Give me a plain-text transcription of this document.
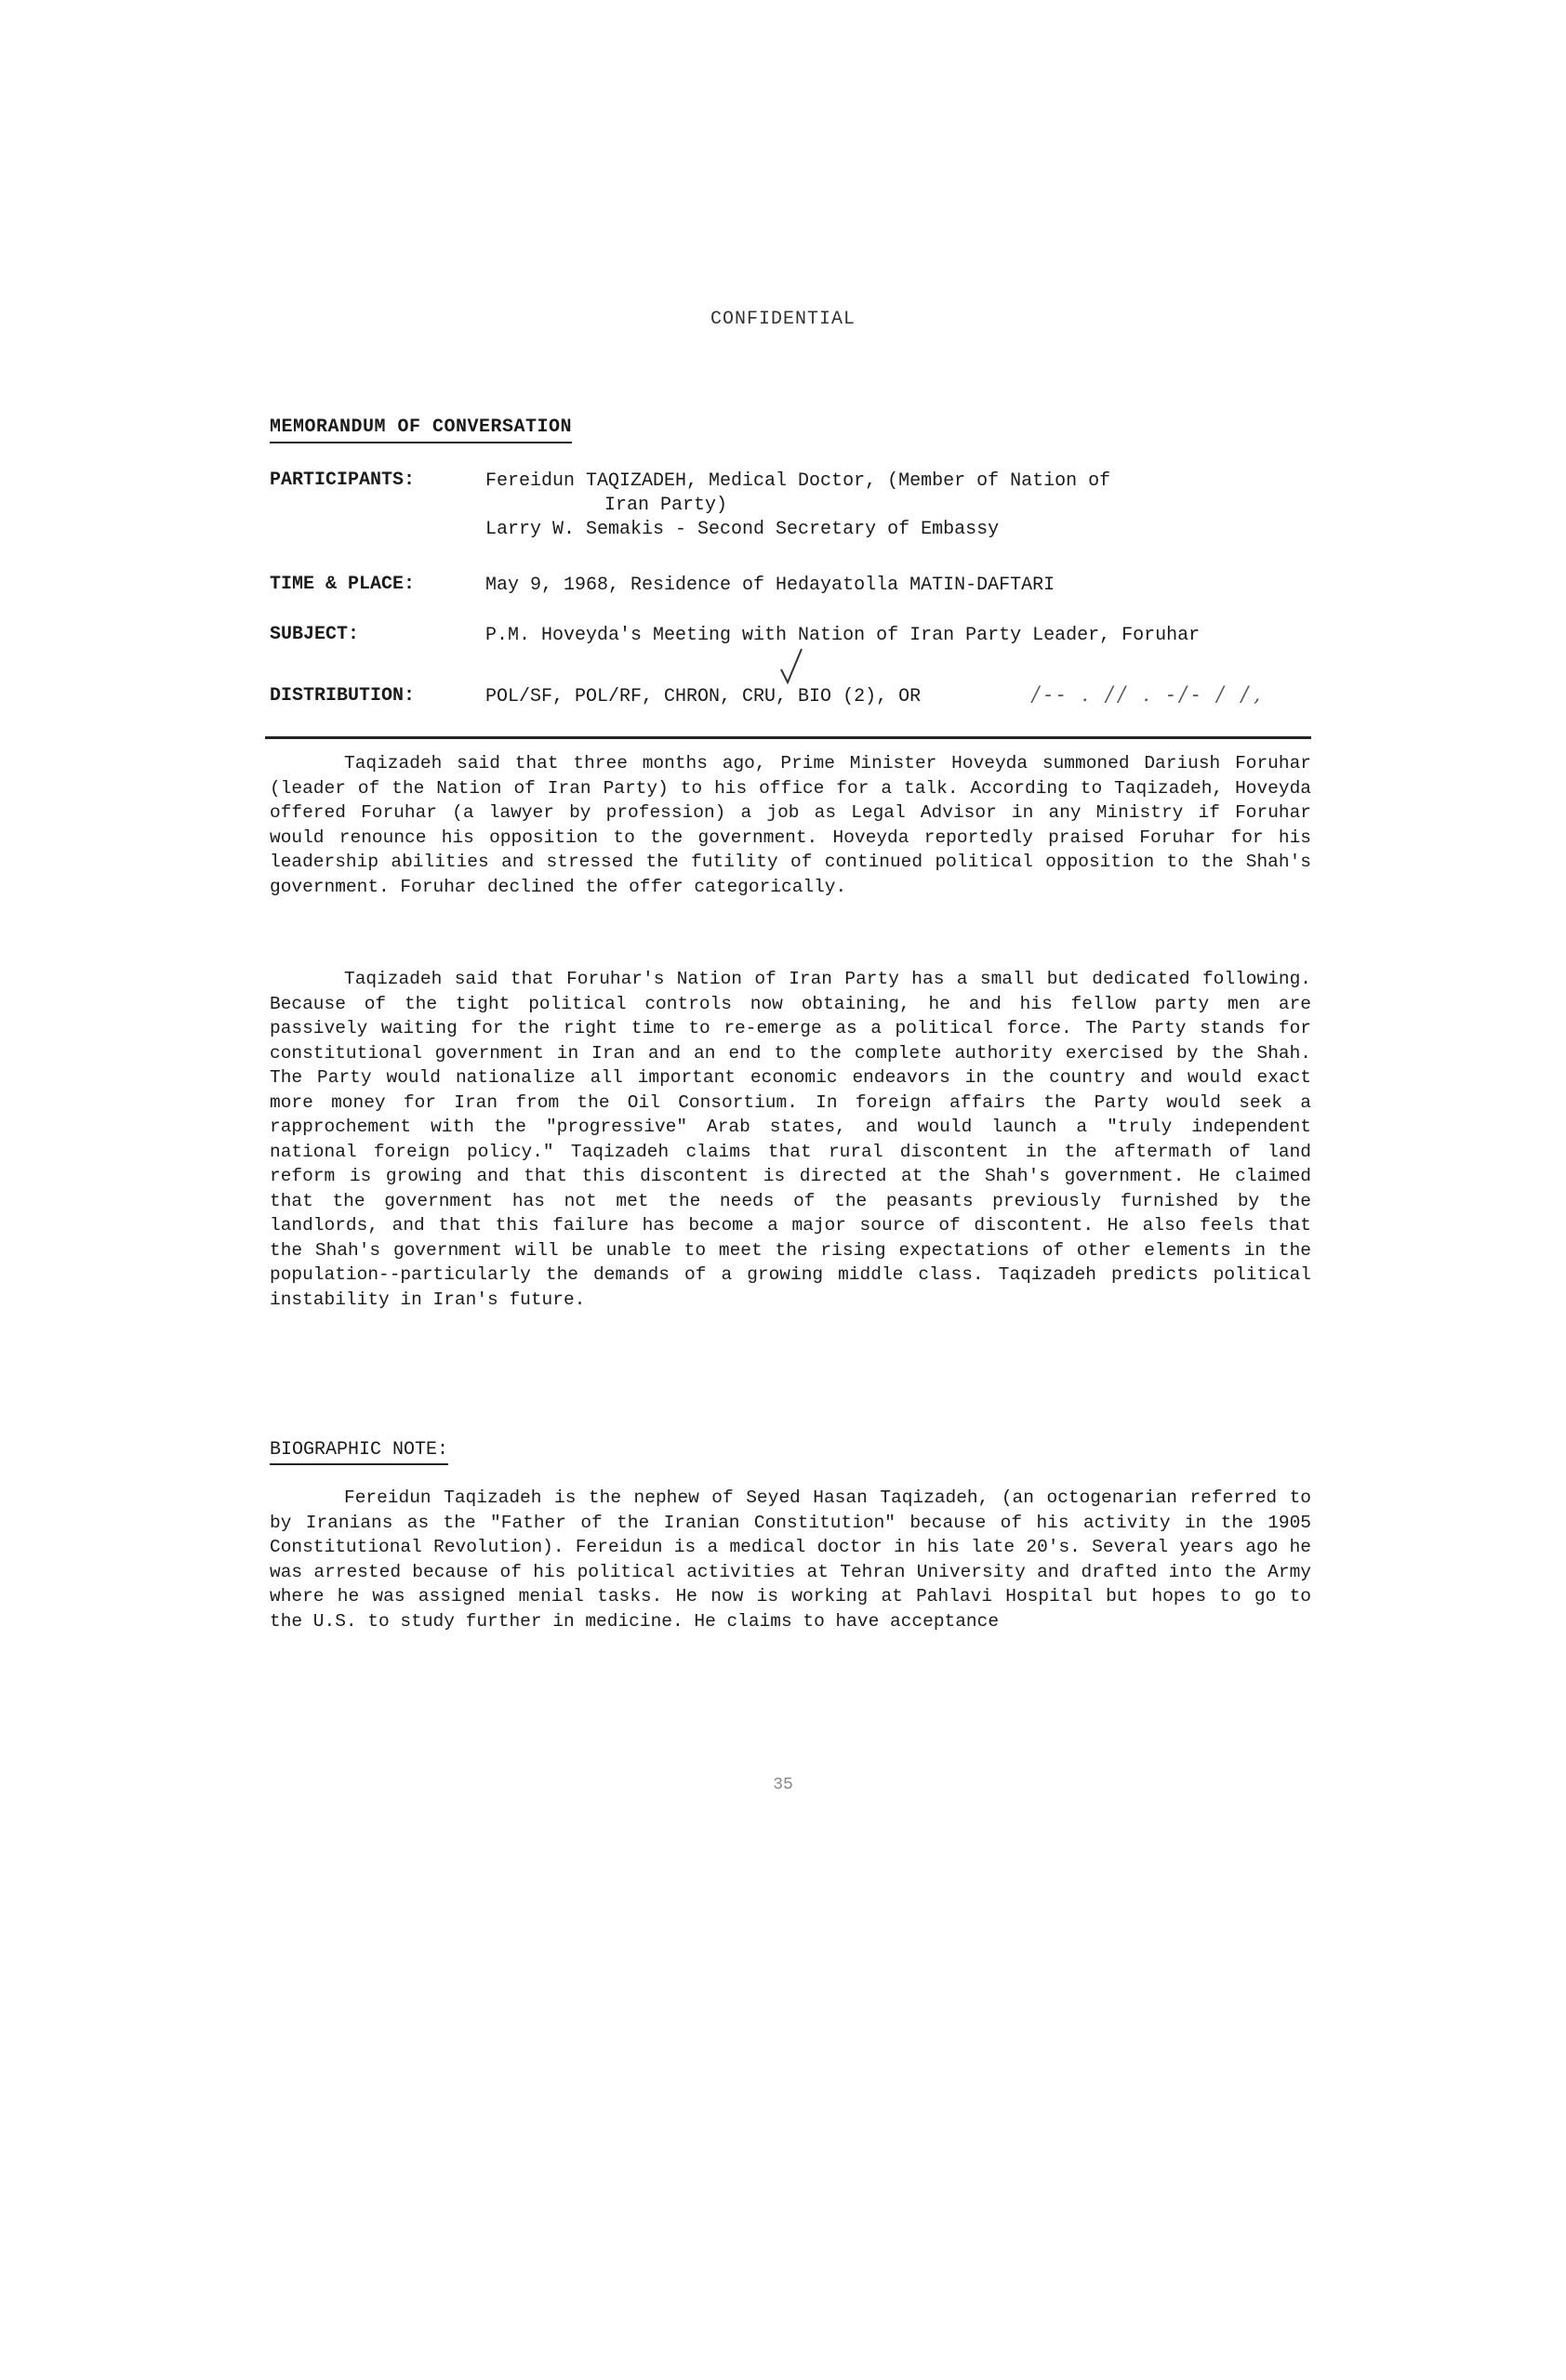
CONFIDENTIAL
MEMORANDUM OF CONVERSATION
PARTICIPANTS:	Fereidun TAQIZADEH, Medical Doctor, (Member of Nation of
Iran Party)
Larry W. Semakis - Second Secretary of Embassy
TIME & PLACE:	May 9, 1968, Residence of Hedayatolla MATIN-DAFTARI
SUBJECT:	P.M. Hoveyda's Meeting with Nation of Iran Party Leader, Foruhar
DISTRIBUTION:	POL/SF, POL/RF, CHRON, CRU, BIO (2), OR	/-- . // . -/- / /,

Taqizadeh said that three months ago, Prime Minister Hoveyda summoned Dariush Foruhar (leader of the Nation of Iran Party) to his office for a talk. According to Taqizadeh, Hoveyda offered Foruhar (a lawyer by profession) a job as Legal Advisor in any Ministry if Foruhar would renounce his opposition to the government. Hoveyda reportedly praised Foruhar for his leadership abilities and stressed the futility of continued political opposition to the Shah's government. Foruhar declined the offer categorically.

Taqizadeh said that Foruhar's Nation of Iran Party has a small but dedicated following. Because of the tight political controls now obtaining, he and his fellow party men are passively waiting for the right time to re-emerge as a political force. The Party stands for constitutional government in Iran and an end to the complete authority exercised by the Shah. The Party would nationalize all important economic endeavors in the country and would exact more money for Iran from the Oil Consortium. In foreign affairs the Party would seek a rapprochement with the "progressive" Arab states, and would launch a "truly independent national foreign policy." Taqizadeh claims that rural discontent in the aftermath of land reform is growing and that this discontent is directed at the Shah's government. He claimed that the government has not met the needs of the peasants previously furnished by the landlords, and that this failure has become a major source of discontent. He also feels that the Shah's government will be unable to meet the rising expectations of other elements in the population--particularly the demands of a growing middle class. Taqizadeh predicts political instability in Iran's future.

BIOGRAPHIC NOTE:

Fereidun Taqizadeh is the nephew of Seyed Hasan Taqizadeh, (an octogenarian referred to by Iranians as the "Father of the Iranian Constitution" because of his activity in the 1905 Constitutional Revolution). Fereidun is a medical doctor in his late 20's. Several years ago he was arrested because of his political activities at Tehran University and drafted into the Army where he was assigned menial tasks. He now is working at Pahlavi Hospital but hopes to go to the U.S. to study further in medicine. He claims to have acceptance

35
